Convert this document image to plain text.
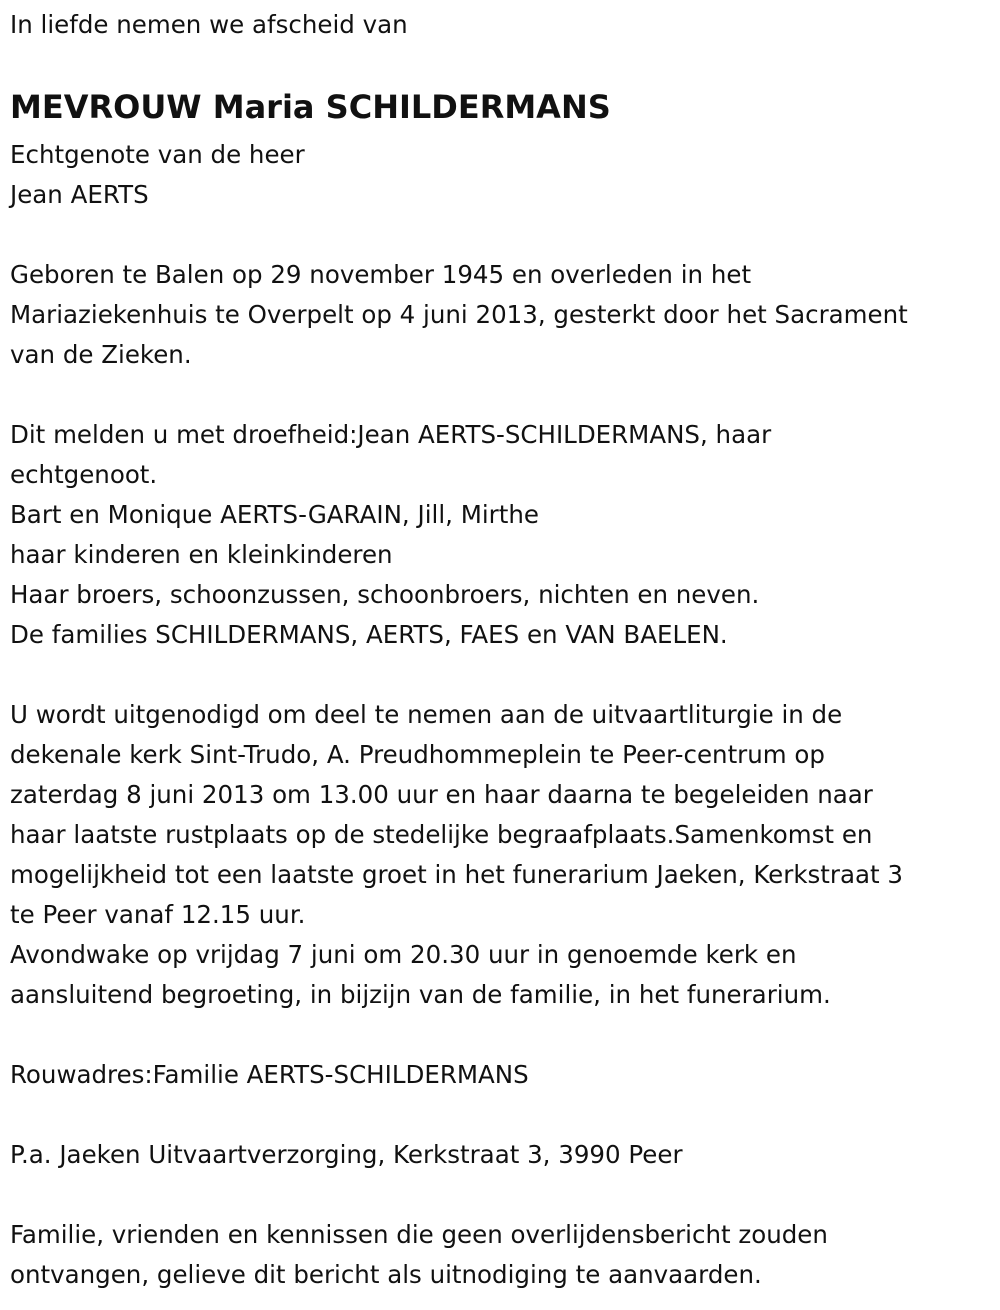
In liefde nemen we afscheid van
MEVROUW Maria SCHILDERMANS
Echtgenote van de heer
Jean AERTS
Geboren te Balen op 29 november 1945 en overleden in het
Mariaziekenhuis te Overpelt op 4 juni 2013, gesterkt door het Sacrament
van de Zieken.
Dit melden u met droefheid:Jean AERTS-SCHILDERMANS, haar
echtgenoot.
Bart en Monique AERTS-GARAIN, Jill, Mirthe
haar kinderen en kleinkinderen
Haar broers, schoonzussen, schoonbroers, nichten en neven.
De families SCHILDERMANS, AERTS, FAES en VAN BAELEN.
U wordt uitgenodigd om deel te nemen aan de uitvaartliturgie in de
dekenale kerk Sint-Trudo, A. Preudhommeplein te Peer-centrum op
zaterdag 8 juni 2013 om 13.00 uur en haar daarna te begeleiden naar
haar laatste rustplaats op de stedelijke begraafplaats.Samenkomst en
mogelijkheid tot een laatste groet in het funerarium Jaeken, Kerkstraat 3
te Peer vanaf 12.15 uur.
Avondwake op vrijdag 7 juni om 20.30 uur in genoemde kerk en
aansluitend begroeting, in bijzijn van de familie, in het funerarium.
Rouwadres:Familie AERTS-SCHILDERMANS
P.a. Jaeken Uitvaartverzorging, Kerkstraat 3, 3990 Peer
Familie, vrienden en kennissen die geen overlijdensbericht zouden
ontvangen, gelieve dit bericht als uitnodiging te aanvaarden.
